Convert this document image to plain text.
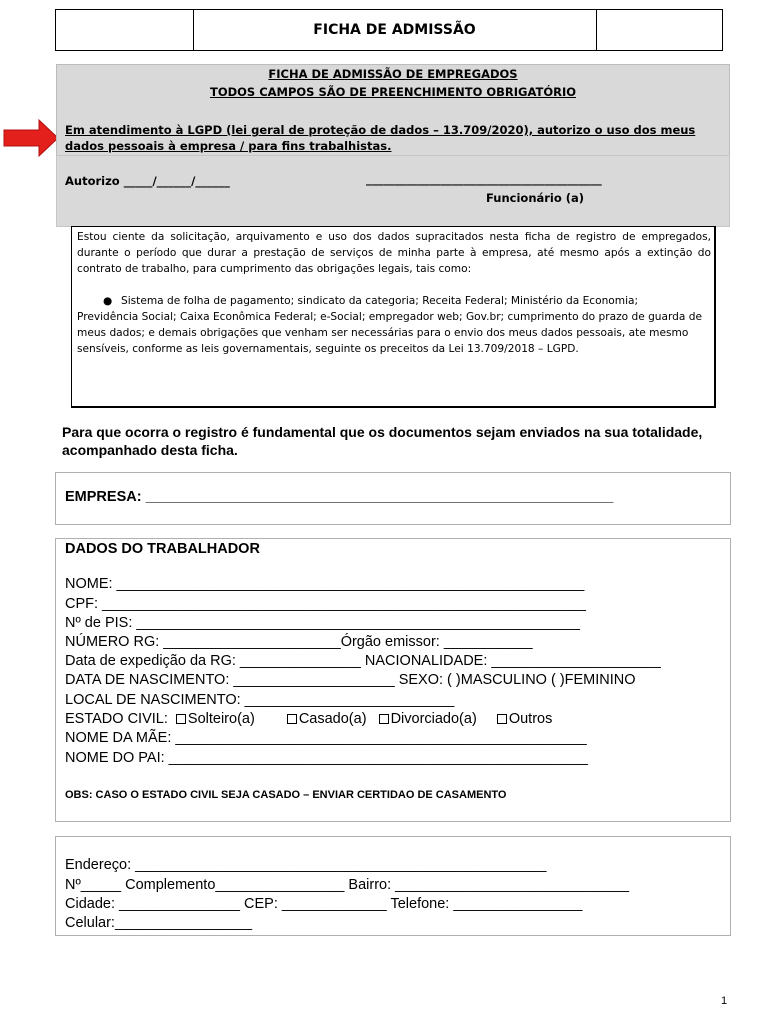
FICHA DE ADMISSÃO
FICHA DE ADMISSÃO DE EMPREGADOS
TODOS CAMPOS SÃO DE PREENCHIMENTO OBRIGATÓRIO
Em atendimento à LGPD (lei geral de proteção de dados – 13.709/2020), autorizo o uso dos meus
dados pessoais à empresa / para fins trabalhistas.
Autorizo _____/______/______	_________________________________________
Funcionário (a)
Estou ciente da solicitação, arquivamento e uso dos dados supracitados nesta ficha de registro de empregados, durante o período que durar a prestação de serviços de minha parte à empresa, até mesmo após a extinção do contrato de trabalho, para cumprimento das obrigações legais, tais como:
● Sistema de folha de pagamento; sindicato da categoria; Receita Federal; Ministério da Economia;
Previdência Social; Caixa Econômica Federal; e-Social; empregador web; Gov.br; cumprimento do prazo de guarda de meus dados; e demais obrigações que venham ser necessárias para o envio dos meus dados pessoais, ate mesmo sensíveis, conforme as leis governamentais, seguinte os preceitos da Lei 13.709/2018 – LGPD.
Para que ocorra o registro é fundamental que os documentos sejam enviados na sua totalidade, acompanhado desta ficha.
EMPRESA: __________________________________________________________
DADOS DO TRABALHADOR
NOME: __________________________________________________________
CPF: ____________________________________________________________
Nº de PIS: _______________________________________________________
NÚMERO RG: ______________________Órgão emissor: ___________
Data de expedição da RG: _______________ NACIONALIDADE: _____________________
DATA DE NASCIMENTO: ____________________ SEXO: ( )MASCULINO ( )FEMININO
LOCAL DE NASCIMENTO: __________________________
ESTADO CIVIL: Solteiro(a)	Casado(a) Divorciado(a) Outros
NOME DA MÃE: ___________________________________________________
NOME DO PAI: ____________________________________________________
OBS: CASO O ESTADO CIVIL SEJA CASADO – ENVIAR CERTIDAO DE CASAMENTO
Endereço: ___________________________________________________
Nº_____ Complemento________________ Bairro: _____________________________
Cidade: _______________ CEP: _____________ Telefone: ________________
Celular:_________________
1
